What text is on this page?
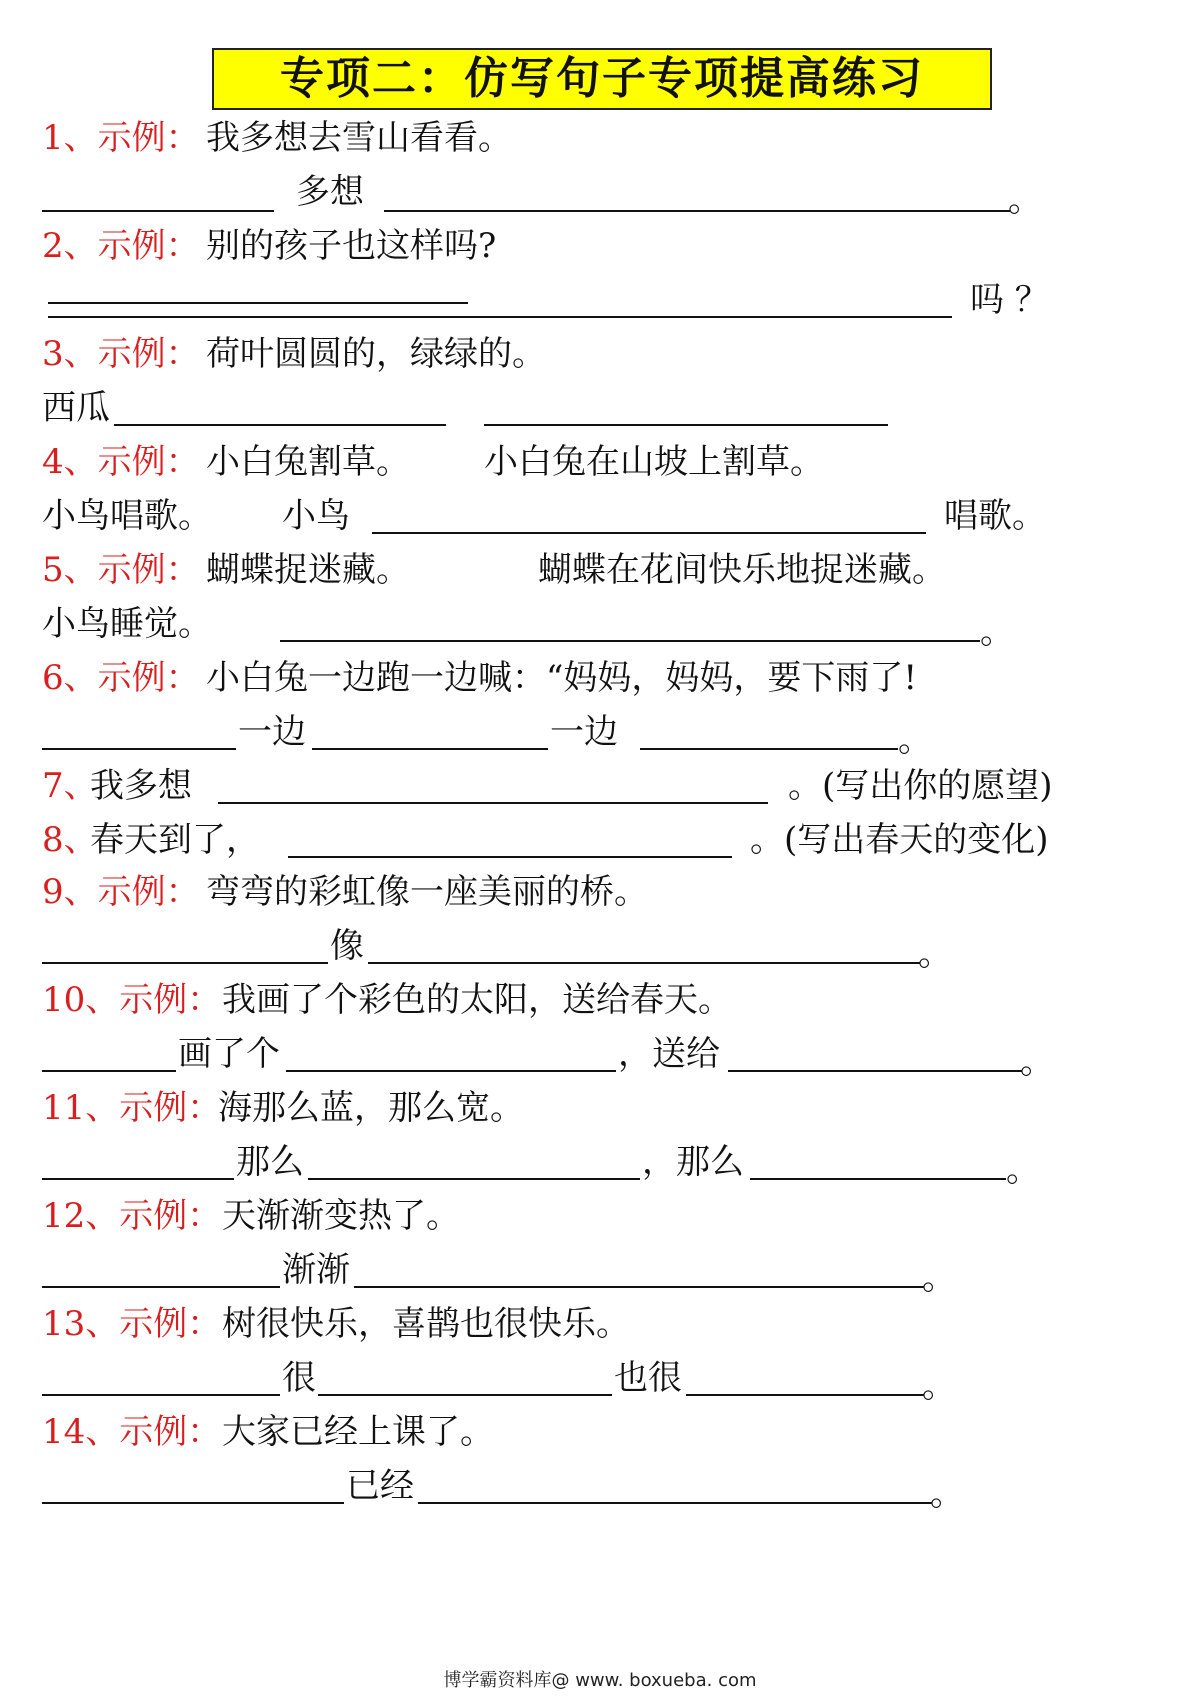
专项二：仿写句子专项提高练习
1、示例： 我多想去雪山看看。
多想	。
2、示例： 别的孩子也这样吗?
吗 ？
3、示例： 荷叶圆圆的，绿绿的。
西瓜
4、示例： 小白兔割草。 小白兔在山坡上割草。
小鸟唱歌。 小鸟	唱歌。
5、示例： 蝴蝶捉迷藏。	蝴蝶在花间快乐地捉迷藏。
小鸟睡觉。	。
6、示例： 小白兔一边跑一边喊：“妈妈，妈妈，要下雨了!
一边	一边	。
7、
我多想	。(写出你的愿望)
8、
春天到了，	。(写出春天的变化)
9、示例： 弯弯的彩虹像一座美丽的桥。
像	。
10、示例： 我画了个彩色的太阳，送给春天。
画了个	，送给	。
11、示例：
海那么蓝，那么宽。
那么	，那么	。
12、示例： 天渐渐变热了。
渐渐	。
13、示例： 树很快乐，喜鹊也很快乐。
很	也很	。
14、示例： 大家已经上课了。
已经	。
博学霸资料库@ www. boxueba. com
